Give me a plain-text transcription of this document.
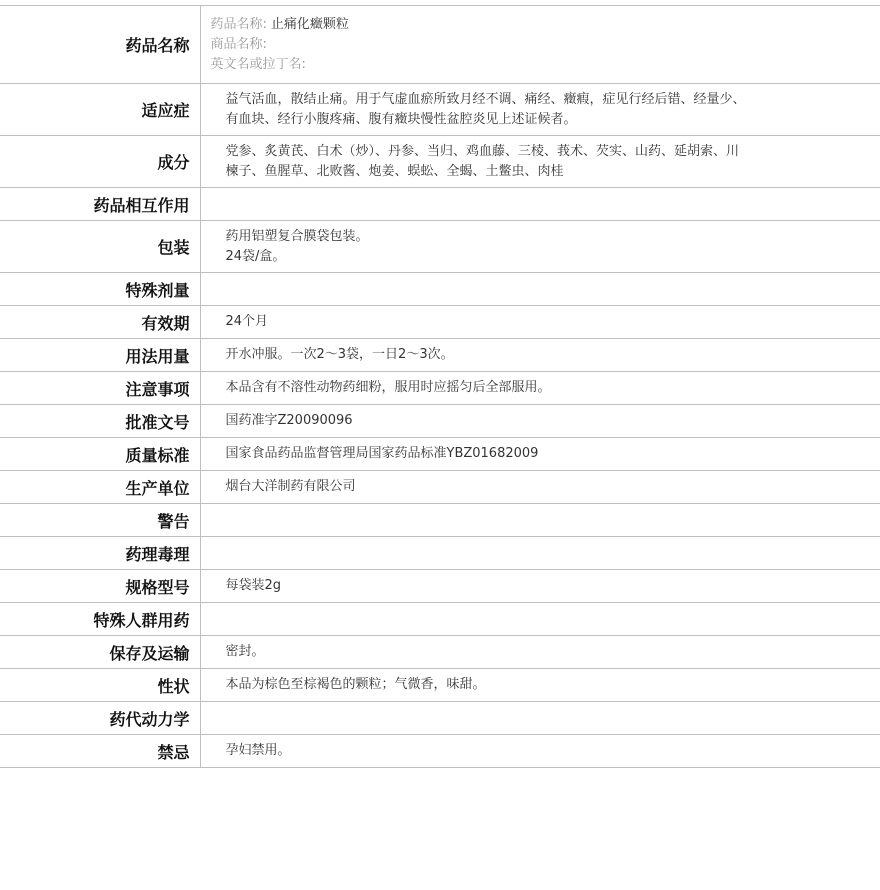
药品名称	药品名称: 止痛化癥颗粒
商品名称:
英文名或拉丁名:

适应症	益气活血，散结止痛。用于气虚血瘀所致月经不调、痛经、癥瘕，症见行经后错、经量少、
有血块、经行小腹疼痛、腹有癥块慢性盆腔炎见上述证候者。

成分	党参、炙黄芪、白术（炒）、丹参、当归、鸡血藤、三棱、莪术、芡实、山药、延胡索、川
楝子、鱼腥草、北败酱、炮姜、蜈蚣、全蝎、土鳖虫、肉桂

药品相互作用	
包装	药用铝塑复合膜袋包装。
24袋/盒。

特殊剂量	
有效期	24个月

用法用量	开水冲服。一次2～3袋，一日2～3次。

注意事项	本品含有不溶性动物药细粉，服用时应摇匀后全部服用。

批准文号	国药准字Z20090096

质量标准	国家食品药品监督管理局国家药品标准YBZ01682009

生产单位	烟台大洋制药有限公司

警告	
药理毒理	
规格型号	每袋装2g

特殊人群用药	
保存及运输	密封。

性状	本品为棕色至棕褐色的颗粒；气微香，味甜。

药代动力学	
禁忌	孕妇禁用。
